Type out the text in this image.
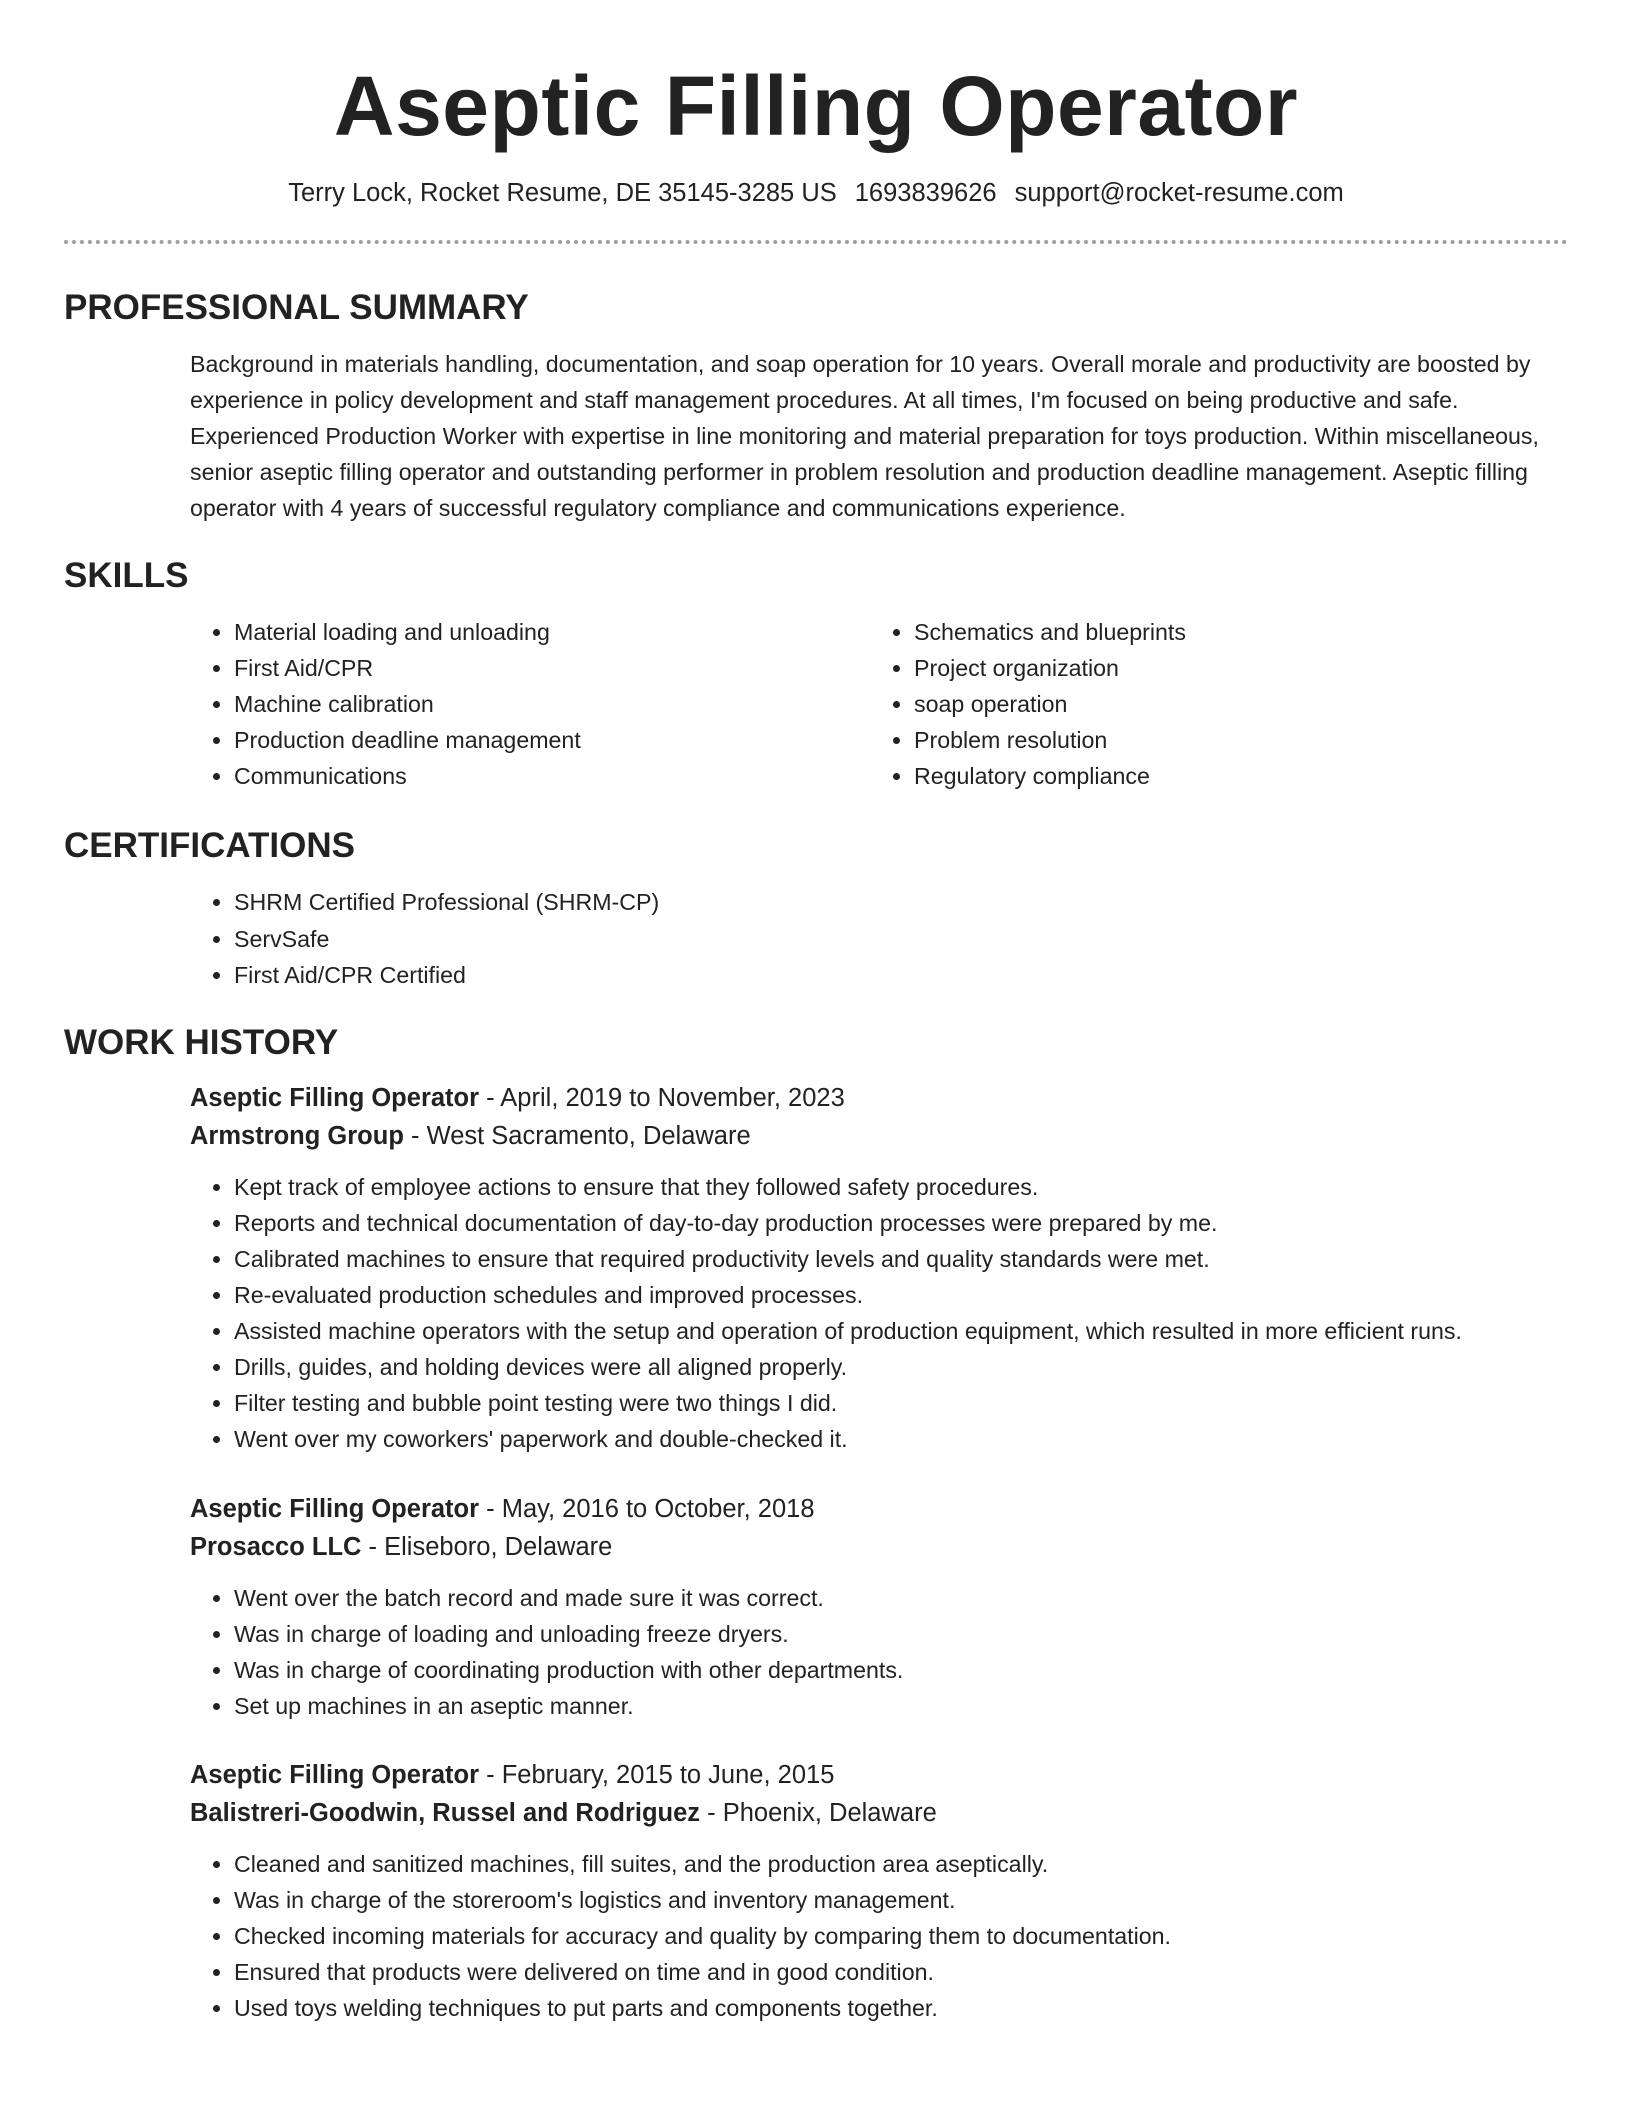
Aseptic Filling Operator
Terry Lock, Rocket Resume, DE 35145-3285 US 1693839626 support@rocket-resume.com
PROFESSIONAL SUMMARY

Background in materials handling, documentation, and soap operation for 10 years. Overall morale and productivity are boosted by experience in policy development and staff management procedures. At all times, I'm focused on being productive and safe. Experienced Production Worker with expertise in line monitoring and material preparation for toys production. Within miscellaneous, senior aseptic filling operator and outstanding performer in problem resolution and production deadline management. Aseptic filling operator with 4 years of successful regulatory compliance and communications experience.

SKILLS
• Material loading and unloading
• First Aid/CPR
• Machine calibration
• Production deadline management
• Communications
• Schematics and blueprints
• Project organization
• soap operation
• Problem resolution
• Regulatory compliance
CERTIFICATIONS
• SHRM Certified Professional (SHRM-CP)
• ServSafe
• First Aid/CPR Certified
WORK HISTORY
Aseptic Filling Operator - April, 2019 to November, 2023
Armstrong Group - West Sacramento, Delaware
• Kept track of employee actions to ensure that they followed safety procedures.
• Reports and technical documentation of day-to-day production processes were prepared by me.
• Calibrated machines to ensure that required productivity levels and quality standards were met.
• Re-evaluated production schedules and improved processes.
• Assisted machine operators with the setup and operation of production equipment, which resulted in more efficient runs.
• Drills, guides, and holding devices were all aligned properly.
• Filter testing and bubble point testing were two things I did.
• Went over my coworkers' paperwork and double-checked it.
Aseptic Filling Operator - May, 2016 to October, 2018
Prosacco LLC - Eliseboro, Delaware
• Went over the batch record and made sure it was correct.
• Was in charge of loading and unloading freeze dryers.
• Was in charge of coordinating production with other departments.
• Set up machines in an aseptic manner.
Aseptic Filling Operator - February, 2015 to June, 2015
Balistreri-Goodwin, Russel and Rodriguez - Phoenix, Delaware
• Cleaned and sanitized machines, fill suites, and the production area aseptically.
• Was in charge of the storeroom's logistics and inventory management.
• Checked incoming materials for accuracy and quality by comparing them to documentation.
• Ensured that products were delivered on time and in good condition.
• Used toys welding techniques to put parts and components together.
